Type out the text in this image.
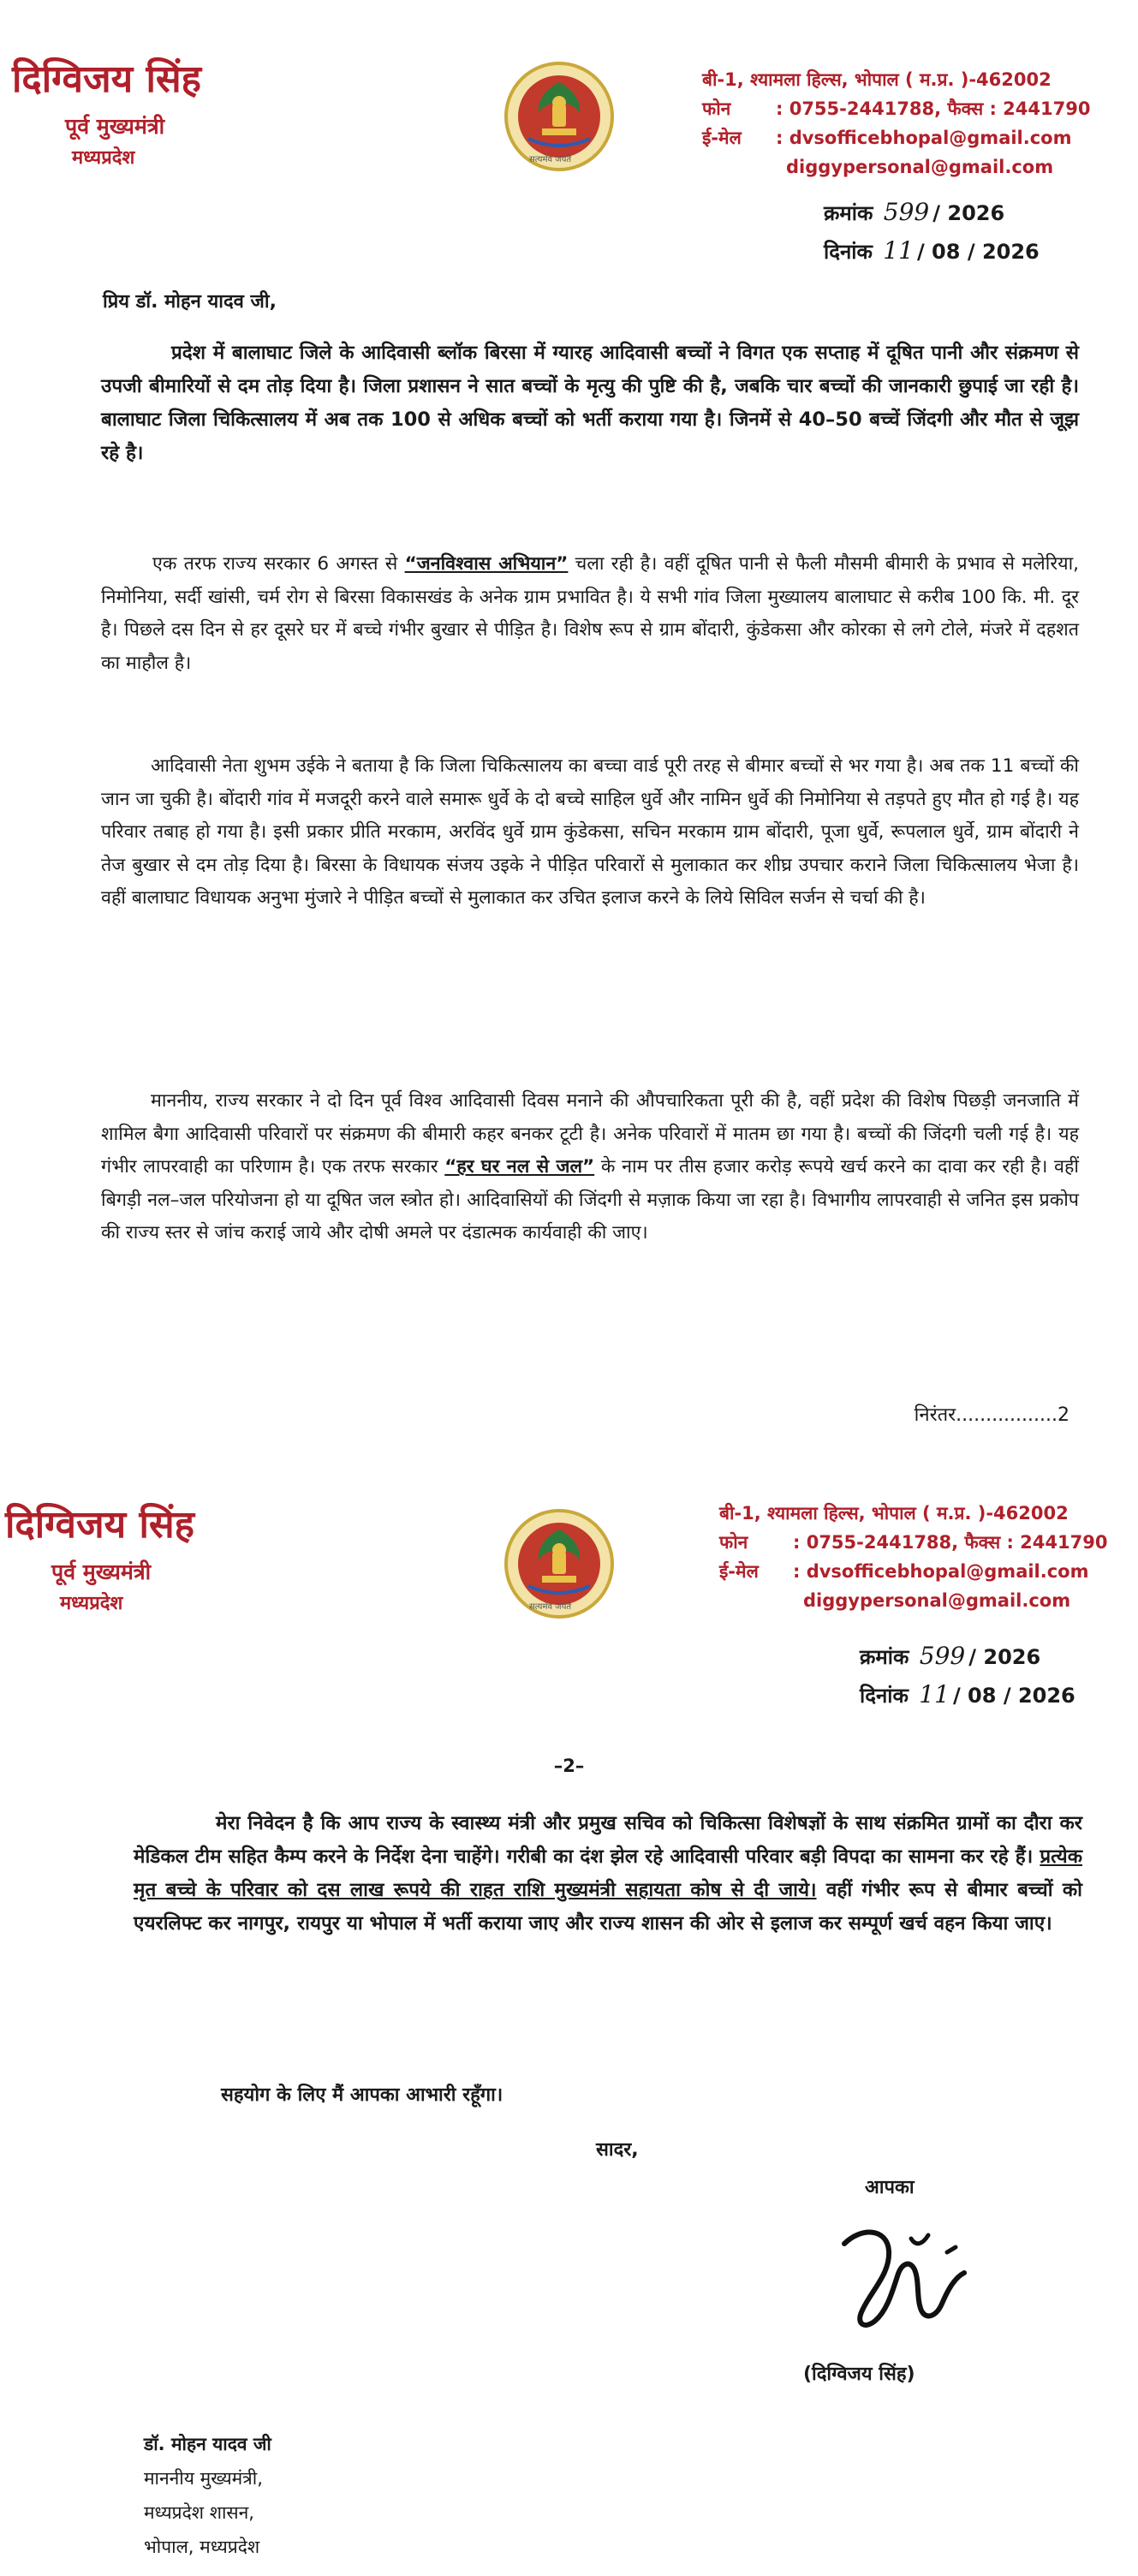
दिग्विजय सिंह
पूर्व मुख्यमंत्री
मध्यप्रदेश	सत्यमेव जयते
बी-1, श्यामला हिल्स, भोपाल ( म.प्र. )-462002
फोन	: 0755-2441788, फैक्स : 2441790
ई-मेल : dvsofficebhopal@gmail.com
diggypersonal@gmail.com
क्रमांक 599 / 2026
दिनांक 11 / 08 / 2026
प्रिय डॉ. मोहन यादव जी,

प्रदेश में बालाघाट जिले के आदिवासी ब्लॉक बिरसा में ग्यारह आदिवासी बच्चों ने विगत एक सप्ताह में दूषित पानी और संक्रमण से उपजी बीमारियों से दम तोड़ दिया है। जिला प्रशासन ने सात बच्चों के मृत्यु की पुष्टि की है, जबकि चार बच्चों की जानकारी छुपाई जा रही है। बालाघाट जिला चिकित्सालय में अब तक 100 से अधिक बच्चों को भर्ती कराया गया है। जिनमें से 40–50 बच्चें जिंदगी और मौत से जूझ रहे है।

एक तरफ राज्य सरकार 6 अगस्त से “जनविश्वास अभियान” चला रही है। वहीं दूषित पानी से फैली मौसमी बीमारी के प्रभाव से मलेरिया, निमोनिया, सर्दी खांसी, चर्म रोग से बिरसा विकासखंड के अनेक ग्राम प्रभावित है। ये सभी गांव जिला मुख्यालय बालाघाट से करीब 100 कि. मी. दूर है। पिछले दस दिन से हर दूसरे घर में बच्चे गंभीर बुखार से पीड़ित है। विशेष रूप से ग्राम बोंदारी, कुंडेकसा और कोरका से लगे टोले, मंजरे में दहशत का माहौल है।

आदिवासी नेता शुभम उईके ने बताया है कि जिला चिकित्सालय का बच्चा वार्ड पूरी तरह से बीमार बच्चों से भर गया है। अब तक 11 बच्चों की जान जा चुकी है। बोंदारी गांव में मजदूरी करने वाले समारू धुर्वे के दो बच्चे साहिल धुर्वे और नामिन धुर्वे की निमोनिया से तड़पते हुए मौत हो गई है। यह परिवार तबाह हो गया है। इसी प्रकार प्रीति मरकाम, अरविंद धुर्वे ग्राम कुंडेकसा, सचिन मरकाम ग्राम बोंदारी, पूजा धुर्वे, रूपलाल धुर्वे, ग्राम बोंदारी ने तेज बुखार से दम तोड़ दिया है। बिरसा के विधायक संजय उइके ने पीड़ित परिवारों से मुलाकात कर शीघ्र उपचार कराने जिला चिकित्सालय भेजा है। वहीं बालाघाट विधायक अनुभा मुंजारे ने पीड़ित बच्चों से मुलाकात कर उचित इलाज करने के लिये सिविल सर्जन से चर्चा की है।

माननीय, राज्य सरकार ने दो दिन पूर्व विश्व आदिवासी दिवस मनाने की औपचारिकता पूरी की है, वहीं प्रदेश की विशेष पिछड़ी जनजाति में शामिल बैगा आदिवासी परिवारों पर संक्रमण की बीमारी कहर बनकर टूटी है। अनेक परिवारों में मातम छा गया है। बच्चों की जिंदगी चली गई है। यह गंभीर लापरवाही का परिणाम है। एक तरफ सरकार “हर घर नल से जल” के नाम पर तीस हजार करोड़ रूपये खर्च करने का दावा कर रही है। वहीं बिगड़ी नल–जल परियोजना हो या दूषित जल स्त्रोत हो। आदिवासियों की जिंदगी से मज़ाक किया जा रहा है। विभागीय लापरवाही से जनित इस प्रकोप की राज्य स्तर से जांच कराई जाये और दोषी अमले पर दंडात्मक कार्यवाही की जाए।

निरंतर.................2
दिग्विजय सिंह
पूर्व मुख्यमंत्री
मध्यप्रदेश	सत्यमेव जयते
बी-1, श्यामला हिल्स, भोपाल ( म.प्र. )-462002
फोन	: 0755-2441788, फैक्स : 2441790
ई-मेल : dvsofficebhopal@gmail.com
diggypersonal@gmail.com
क्रमांक 599 / 2026
दिनांक 11 / 08 / 2026
–2–

मेरा निवेदन है कि आप राज्य के स्वास्थ्य मंत्री और प्रमुख सचिव को चिकित्सा विशेषज्ञों के साथ संक्रमित ग्रामों का दौरा कर मेडिकल टीम सहित कैम्प करने के निर्देश देना चाहेंगे। गरीबी का दंश झेल रहे आदिवासी परिवार बड़ी विपदा का सामना कर रहे हैं। प्रत्येक मृत बच्चे के परिवार को दस लाख रूपये की राहत राशि मुख्यमंत्री सहायता कोष से दी जाये। वहीं गंभीर रूप से बीमार बच्चों को एयरलिफ्ट कर नागपुर, रायपुर या भोपाल में भर्ती कराया जाए और राज्य शासन की ओर से इलाज कर सम्पूर्ण खर्च वहन किया जाए।

सहयोग के लिए मैं आपका आभारी रहूँगा।
सादर,
आपका
(दिग्विजय सिंह)
डॉ. मोहन यादव जी
माननीय मुख्यमंत्री,
मध्यप्रदेश शासन,
भोपाल, मध्यप्रदेश
